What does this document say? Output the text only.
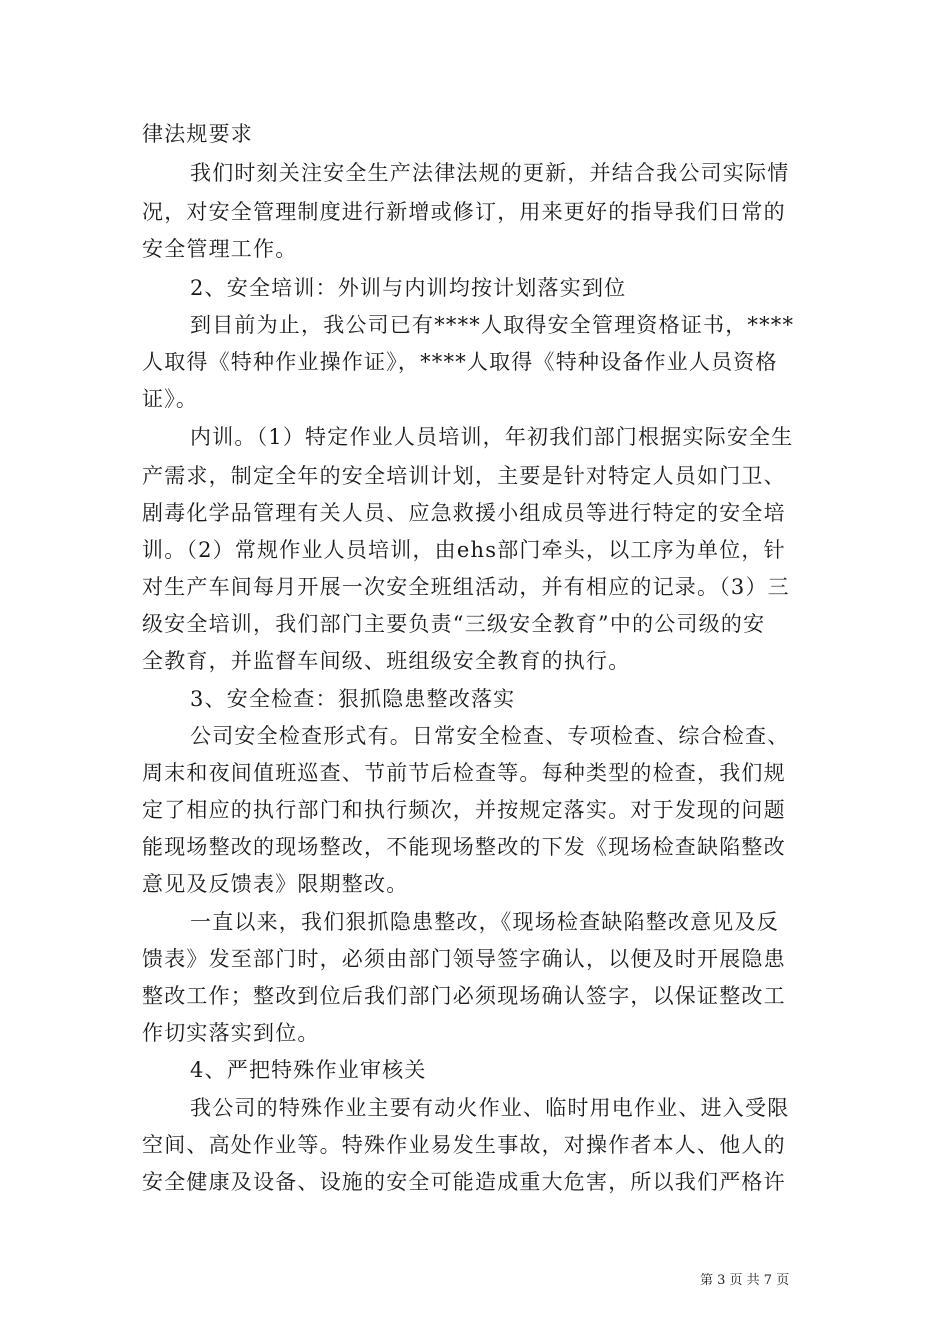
律法规要求
我们时刻关注安全生产法律法规的更新，并结合我公司实际情
况，对安全管理制度进行新增或修订，用来更好的指导我们日常的
安全管理工作。
2、安全培训：外训与内训均按计划落实到位
到目前为止，我公司已有****人取得安全管理资格证书，****
人取得《特种作业操作证》，****人取得《特种设备作业人员资格
证》。
内训。（1）特定作业人员培训，年初我们部门根据实际安全生
产需求，制定全年的安全培训计划，主要是针对特定人员如门卫、
剧毒化学品管理有关人员、应急救援小组成员等进行特定的安全培
训。（2）常规作业人员培训，由ehs部门牵头，以工序为单位，针
对生产车间每月开展一次安全班组活动，并有相应的记录。（3）三
级安全培训，我们部门主要负责“三级安全教育”中的公司级的安
全教育，并监督车间级、班组级安全教育的执行。
3、安全检查：狠抓隐患整改落实
公司安全检查形式有。日常安全检查、专项检查、综合检查、
周末和夜间值班巡查、节前节后检查等。每种类型的检查，我们规
定了相应的执行部门和执行频次，并按规定落实。对于发现的问题
能现场整改的现场整改，不能现场整改的下发《现场检查缺陷整改
意见及反馈表》限期整改。
一直以来，我们狠抓隐患整改，《现场检查缺陷整改意见及反
馈表》发至部门时，必须由部门领导签字确认，以便及时开展隐患
整改工作；整改到位后我们部门必须现场确认签字，以保证整改工
作切实落实到位。
4、严把特殊作业审核关
我公司的特殊作业主要有动火作业、临时用电作业、进入受限
空间、高处作业等。特殊作业易发生事故，对操作者本人、他人的
安全健康及设备、设施的安全可能造成重大危害，所以我们严格许
第 3 页 共 7 页
